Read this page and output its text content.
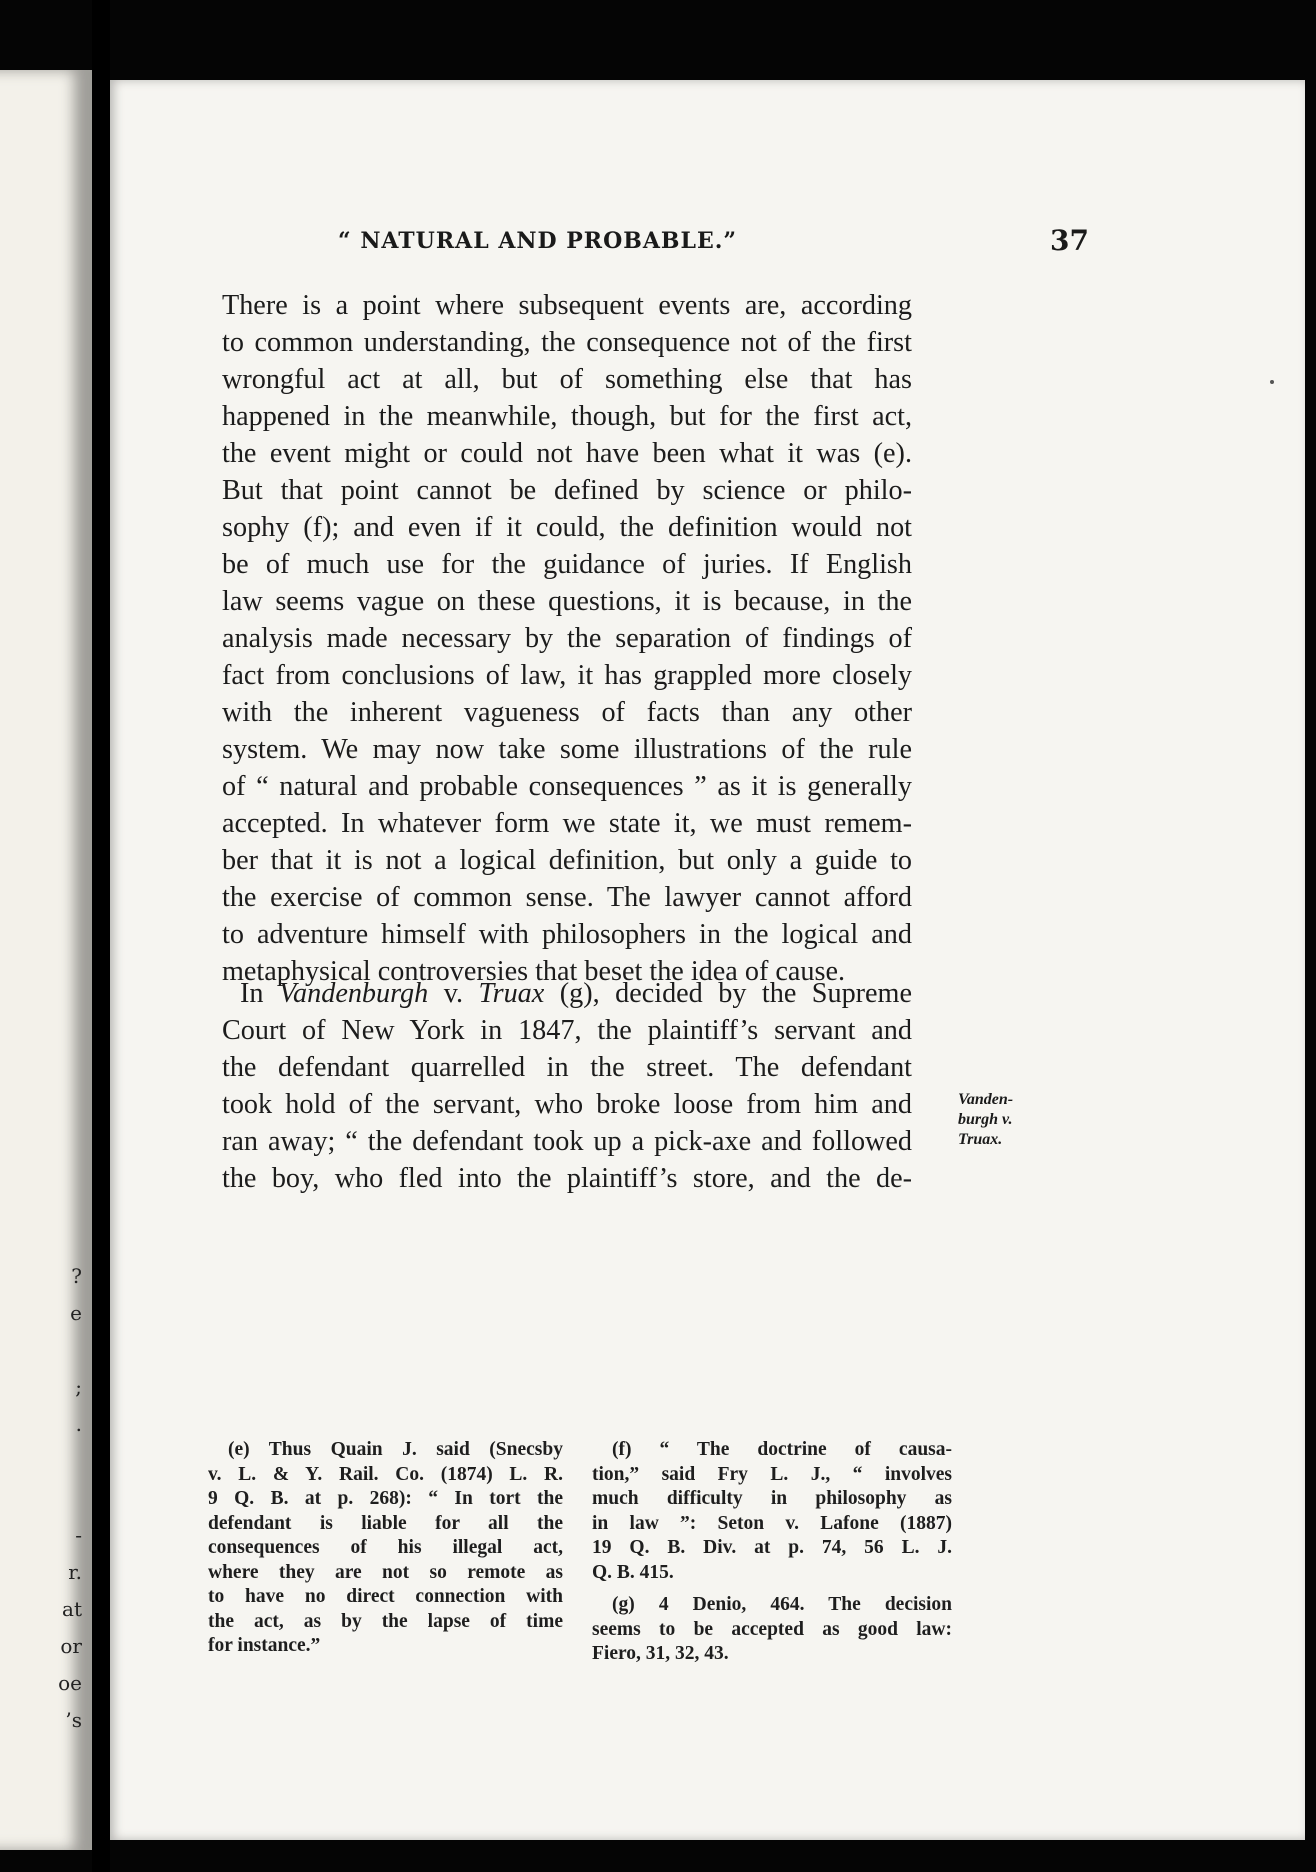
?
e
;
.
-
r.
at
or
oe
’s
“ NATURAL AND PROBABLE.”	37
There is a point where subsequent events are, according
to common understanding, the consequence not of the first
wrongful act at all, but of something else that has
happened in the meanwhile, though, but for the first act,
the event might or could not have been what it was (e).
But that point cannot be defined by science or philo-
sophy (f); and even if it could, the definition would not
be of much use for the guidance of juries. If English
law seems vague on these questions, it is because, in the
analysis made necessary by the separation of findings of
fact from conclusions of law, it has grappled more closely
with the inherent vagueness of facts than any other
system. We may now take some illustrations of the rule
of “ natural and probable consequences ” as it is generally
accepted. In whatever form we state it, we must remem-
ber that it is not a logical definition, but only a guide to
the exercise of common sense. The lawyer cannot afford
to adventure himself with philosophers in the logical and
metaphysical controversies that beset the idea of cause.
In Vandenburgh v. Truax (g), decided by the Supreme
Court of New York in 1847, the plaintiff’s servant and
the defendant quarrelled in the street. The defendant
took hold of the servant, who broke loose from him and
ran away; “ the defendant took up a pick-axe and followed
the boy, who fled into the plaintiff’s store, and the de-
Vanden-
burgh v.
Truax.
(e) Thus Quain J. said (Snecsby
v. L. & Y. Rail. Co. (1874) L. R.
9 Q. B. at p. 268): “ In tort the
defendant is liable for all the
consequences of his illegal act,
where they are not so remote as
to have no direct connection with
the act, as by the lapse of time
for instance.”
(f) “ The doctrine of causa-
tion,” said Fry L. J., “ involves
much difficulty in philosophy as
in law ”: Seton v. Lafone (1887)
19 Q. B. Div. at p. 74, 56 L. J.
Q. B. 415.
(g) 4 Denio, 464. The decision
seems to be accepted as good law:
Fiero, 31, 32, 43.
